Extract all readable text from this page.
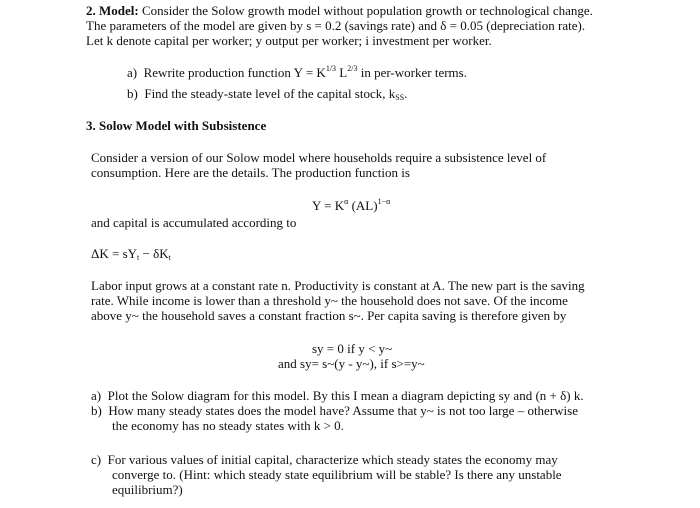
2. Model: Consider the Solow growth model without population growth or technological change.
The parameters of the model are given by s = 0.2 (savings rate) and δ = 0.05 (depreciation rate).
Let k denote capital per worker; y output per worker; i investment per worker.
a) Rewrite production function $Y = K^{1/3}$ $L^{2/3}$ in per-worker terms.
b) Find the steady-state level of the capital stock, $k_{SS}$.
3. Solow Model with Subsistence
Consider a version of our Solow model where households require a subsistence level of
consumption. Here are the details. The production function is
$Y = K^\alpha$ (AL)$^{1-\alpha}$
and capital is accumulated according to
$\Delta K = sY_t - \delta K_t$
Labor input grows at a constant rate n. Productivity is constant at A. The new part is the saving
rate. While income is lower than a threshold y~ the household does not save. Of the income
above y~ the household saves a constant fraction s~. Per capita saving is therefore given by
sy = 0 if y < y~
and sy= s~(y - y~), if s>=y~
a) Plot the Solow diagram for this model. By this I mean a diagram depicting sy and (n + δ) k.
b) How many steady states does the model have? Assume that y~ is not too large – otherwise
the economy has no steady states with k > 0.
c) For various values of initial capital, characterize which steady states the economy may
converge to. (Hint: which steady state equilibrium will be stable? Is there any unstable
equilibrium?)
